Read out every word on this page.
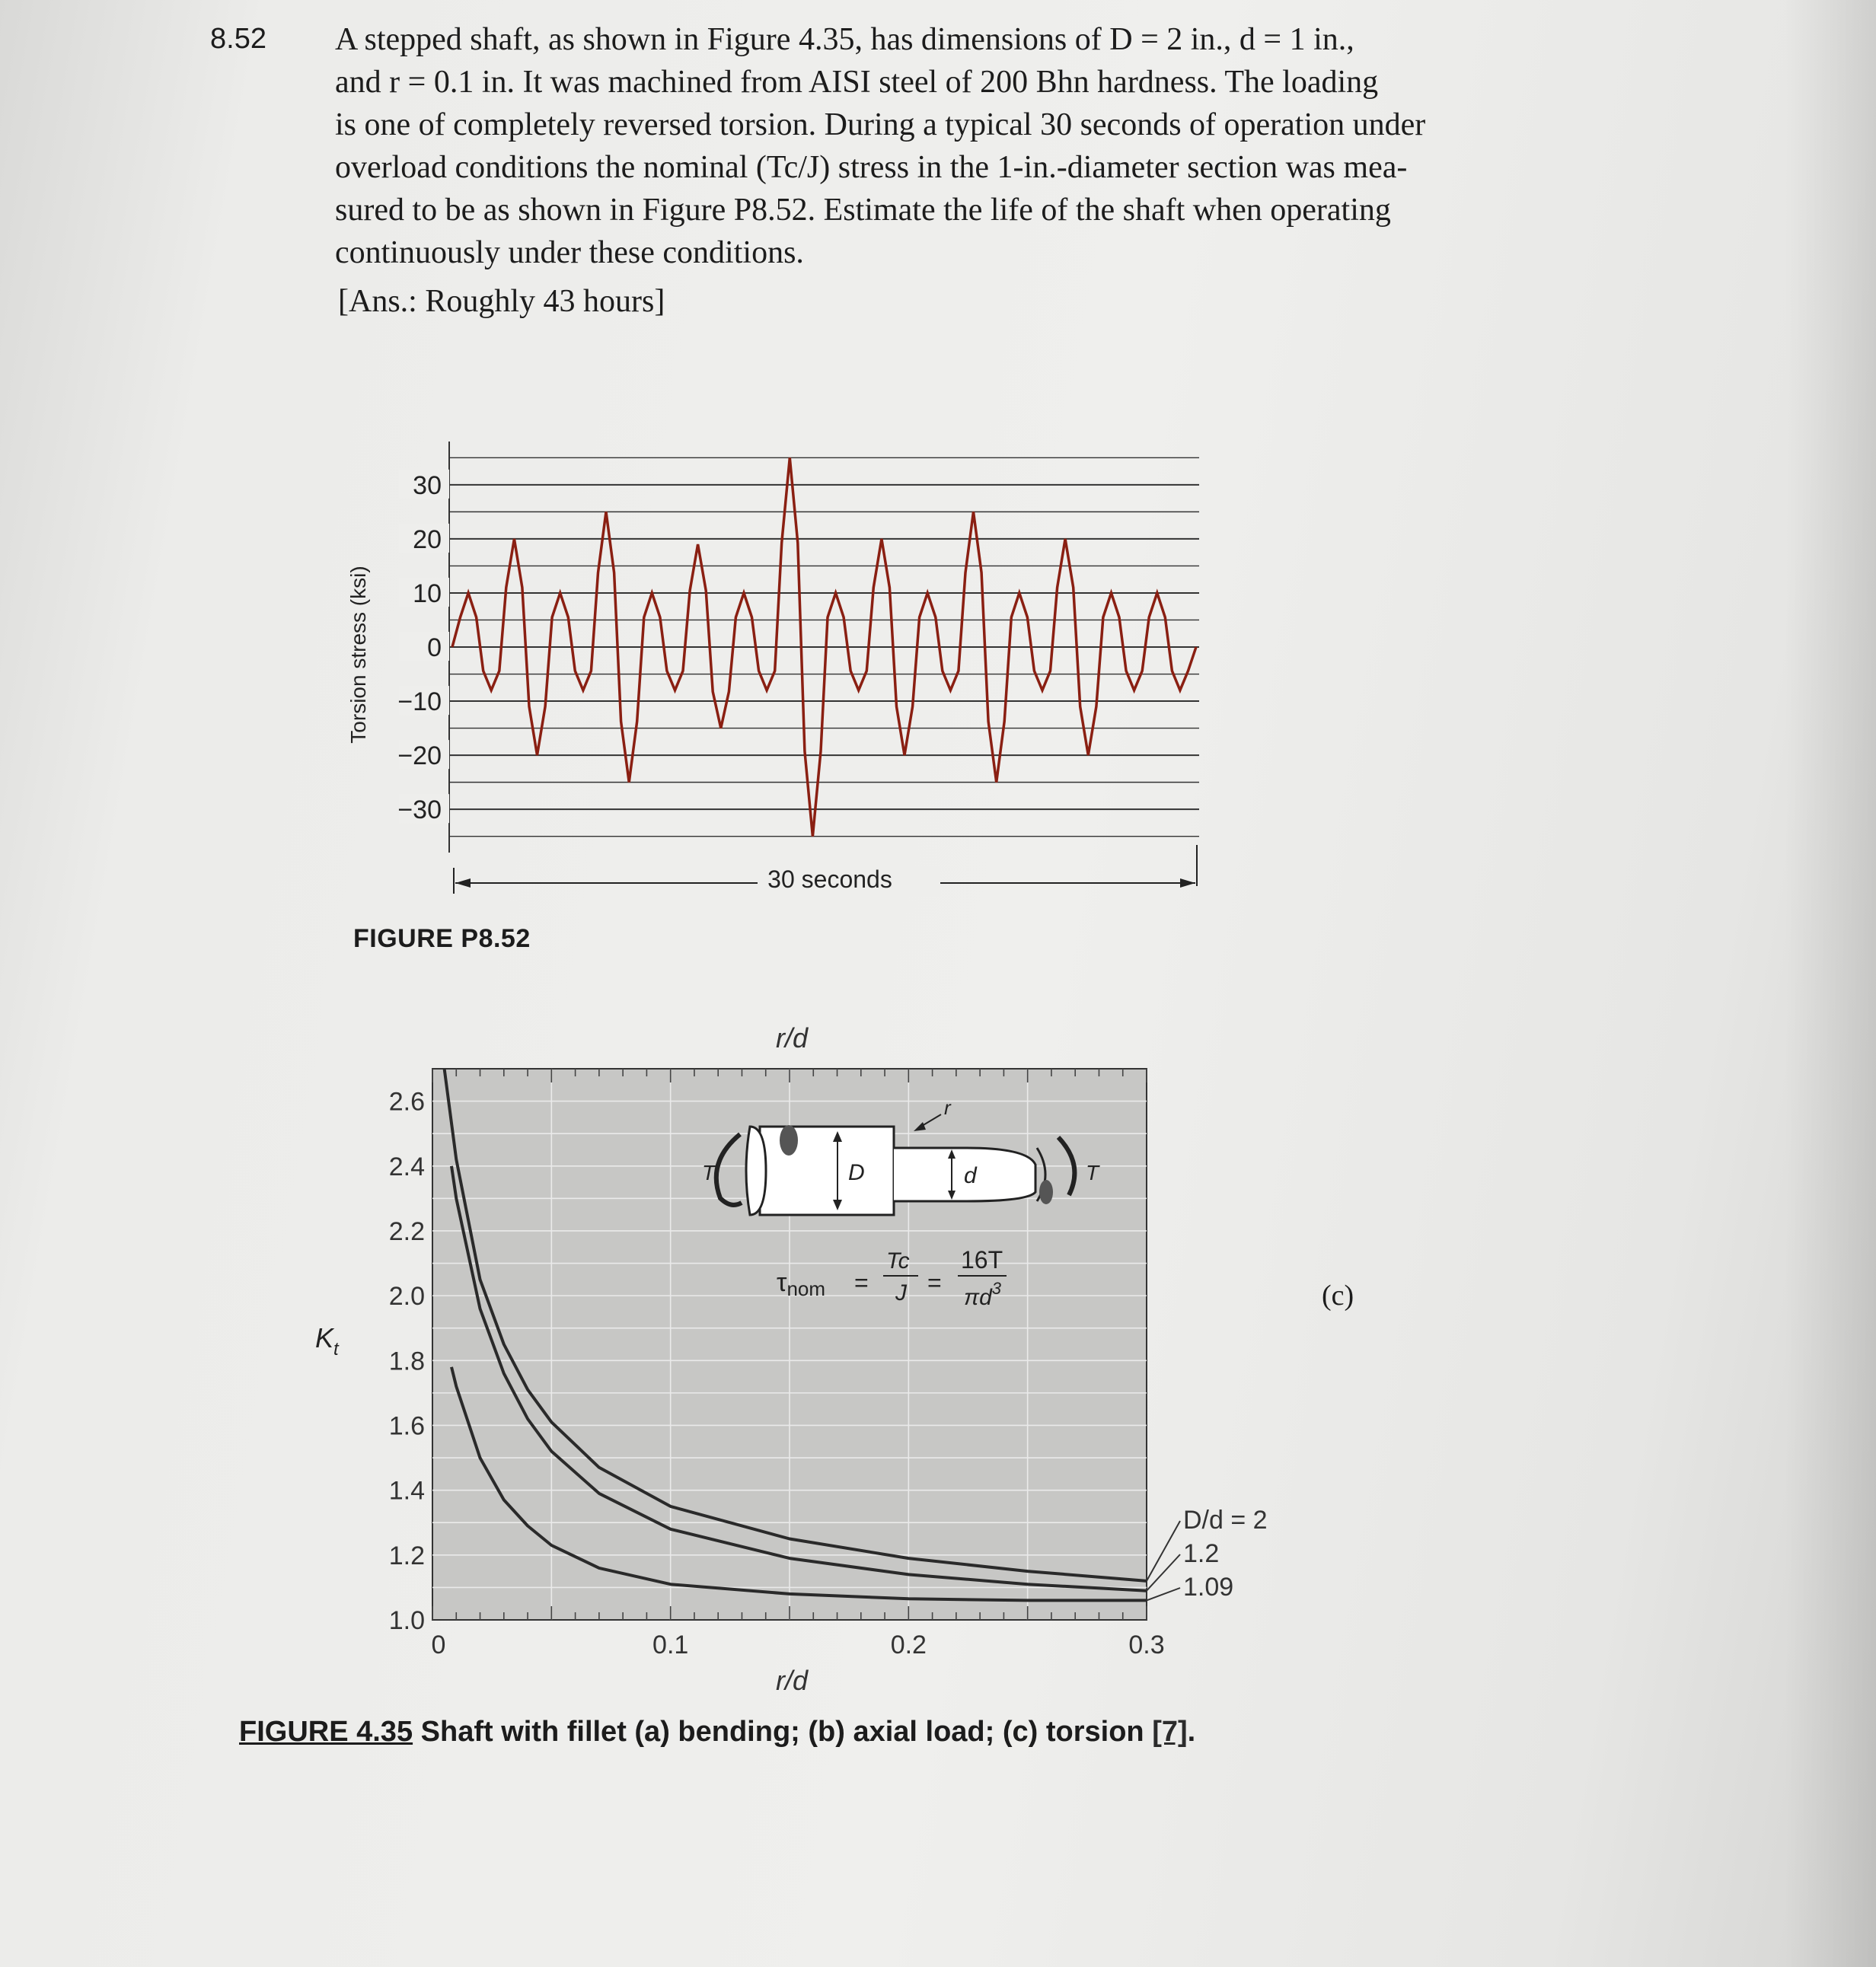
8.52 A stepped shaft, as shown in Figure 4.35, has dimensions of D = 2 in., d = 1 in.,
and r = 0.1 in. It was machined from AISI steel of 200 Bhn hardness. The loading
is one of completely reversed torsion. During a typical 30 seconds of operation under
overload conditions the nominal (Tc/J) stress in the 1-in.-diameter section was mea-
sured to be as shown in Figure P8.52. Estimate the life of the shaft when operating
continuously under these conditions.
[Ans.: Roughly 43 hours]
30
20
10
0
−10
−20
−30
Torsion stress (ksi)
30 seconds
FIGURE P8.52
r/d
1.0
1.2
1.4
1.6
1.8
2.0
2.2
2.4
2.6
0	0.1	0.2	0.3
D/d = 2
1.2
1.09
r/d
$K_t$
D	d
r
T	T
τnom =
Tc
J =
16T
$\pi d^3$	(c)
FIGURE 4.35 Shaft with fillet (a) bending; (b) axial load; (c) torsion [7].
